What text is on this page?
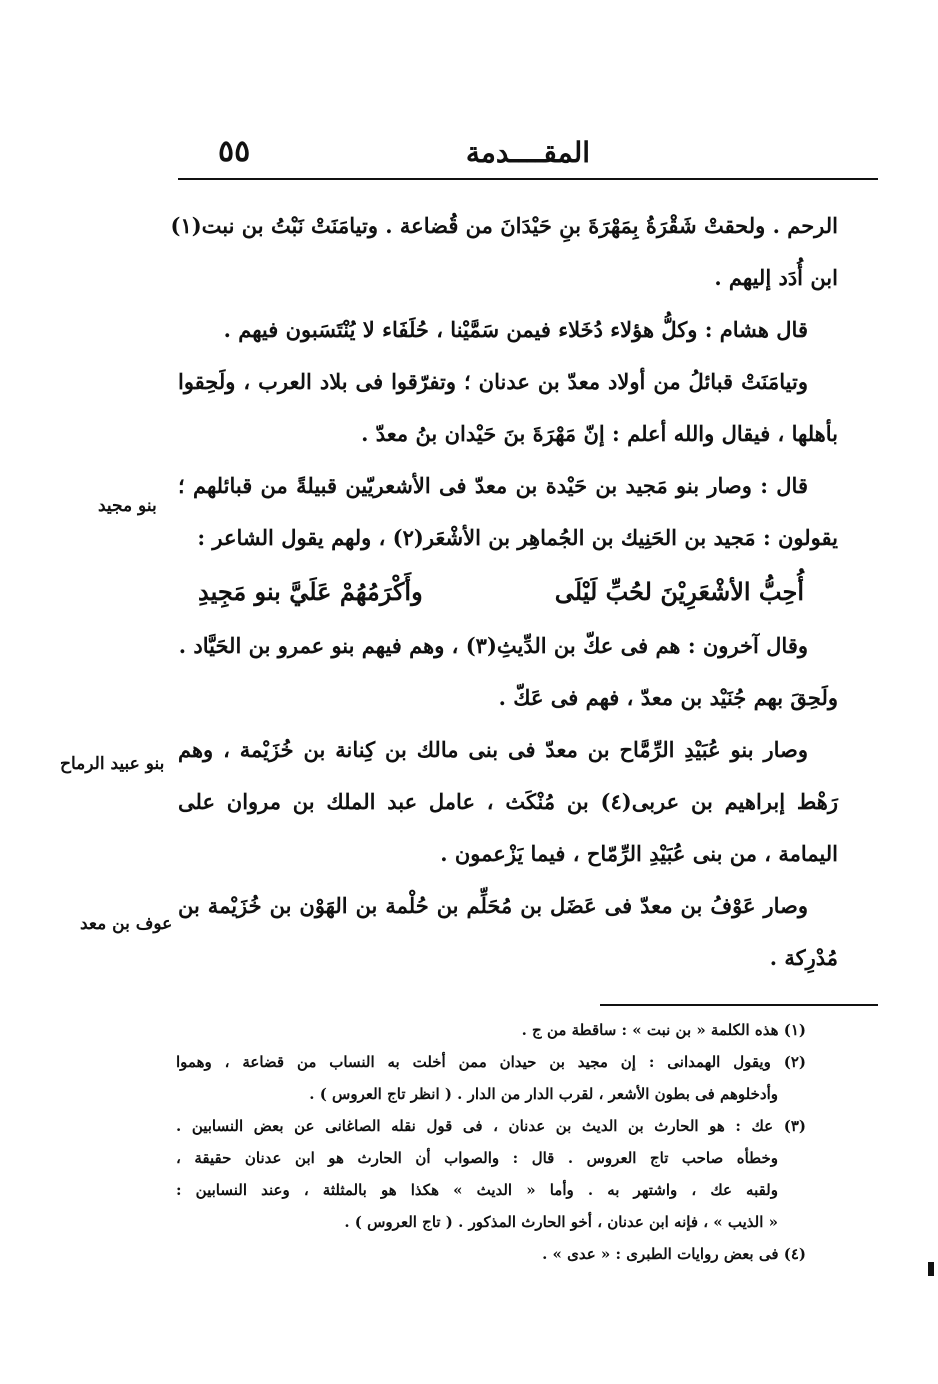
٥٥	المقــــدمة
الرحم . ولحقتْ شَقْرَةُ بِمَهْرَةَ بنِ حَيْدَانَ من قُضاعة . وتيامَنَتْ نَبْتُ بن نبت(١)
ابن أُدَد إليهم .
قال هشام : وكلُّ هؤلاء دُخَلاء فيمن سَمَّيْنا ، حُلَفَاء لا يُنْتَسَبون فيهم .
وتيامَنَتْ قبائلُ من أولاد معدّ بن عدنان ؛ وتفرّقوا فى بلاد العرب ، ولَحِقوا
بأهلها ، فيقال والله أعلم : إنّ مَهْرَةَ بنَ حَيْدان بنُ معدّ .
قال : وصار بنو مَجيد بن حَيْدة بن معدّ فى الأشعريّين قبيلةً من قبائلهم ؛
يقولون : مَجيد بن الحَنِيك بن الجُماهِر بن الأشْعَر(٢) ، ولهم يقول الشاعر :
أُحِبُّ الأشْعَرِيْنَ لحُبِّ لَيْلَى
وأَكْرَمُهُمْ عَلَيَّ بنو مَجِيدِ
وقال آخرون : هم فى عكّ بن الدِّيثِ(٣) ، وهم فيهم بنو عمرو بن الحَيَّاد .
ولَحِقَ بهم جُنَيْد بن معدّ ، فهم فى عَكّ .
وصار بنو عُبَيْدِ الرِّمَّاح بن معدّ فى بنى مالك بن كِنانة بن خُزَيْمة ، وهم
رَهْط إبراهيم بن عربى(٤) بن مُنْكَث ، عامل عبد الملك بن مروان على
اليمامة ، من بنى عُبَيْدِ الرِّمّاح ، فيما يَزْعمون .
وصار عَوْفُ بن معدّ فى عَضَل بن مُحَلِّم بن حُلْمة بن الهَوْن بن خُزَيْمة بن
مُدْرِكة .
بنو مجيد
بنو عبيد الرماح
عوف بن معد
(١) هذه الكلمة « بن نبت » : ساقطة من ج .
(٢) ويقول الهمدانى : إن مجيد بن حيدان ممن أخلت به النساب من قضاعة ، وهموا
وأدخلوهم فى بطون الأشعر ، لقرب الدار من الدار . ( انظر تاج العروس ) .
(٣) عك : هو الحارث بن الديث بن عدنان ، فى قول نقله الصاغانى عن بعض النسابين .
وخطأه صاحب تاج العروس . قال : والصواب أن الحارث هو ابن عدنان حقيقة ،
ولقبه عك ، واشتهر به . وأما « الديث » هكذا هو بالمثلثة ، وعند النسابين :
« الذيب » ، فإنه ابن عدنان ، أخو الحارث المذكور . ( تاج العروس ) .
(٤) فى بعض روايات الطبرى : « عدى » .
